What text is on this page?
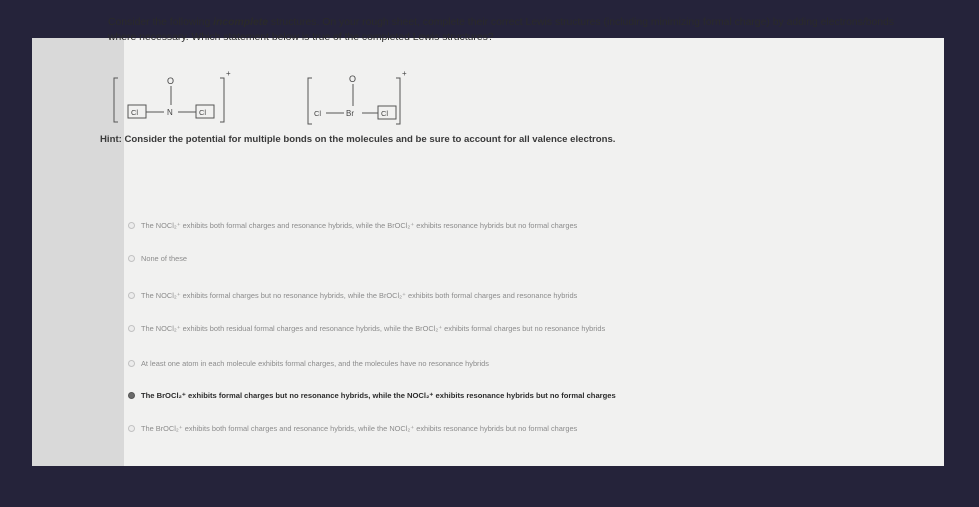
Consider the following incomplete structures. On your rough sheet, complete their correct Lewis structures (including minimizing formal charge) by adding electrons/bonds where necessary. Which statement below is true of the completed Lewis structures?
O
Cl	N	Cl
+
O
Cl	Br	Cl
+
Hint: Consider the potential for multiple bonds on the molecules and be sure to account for all valence electrons.
The NOCl₂⁺ exhibits both formal charges and resonance hybrids, while the BrOCl₂⁺ exhibits resonance hybrids but no formal charges
None of these
The NOCl₂⁺ exhibits formal charges but no resonance hybrids, while the BrOCl₂⁺ exhibits both formal charges and resonance hybrids
The NOCl₂⁺ exhibits both residual formal charges and resonance hybrids, while the BrOCl₂⁺ exhibits formal charges but no resonance hybrids
At least one atom in each molecule exhibits formal charges, and the molecules have no resonance hybrids
The BrOCl₂⁺ exhibits formal charges but no resonance hybrids, while the NOCl₂⁺ exhibits resonance hybrids but no formal charges
The BrOCl₂⁺ exhibits both formal charges and resonance hybrids, while the NOCl₂⁺ exhibits resonance hybrids but no formal charges
